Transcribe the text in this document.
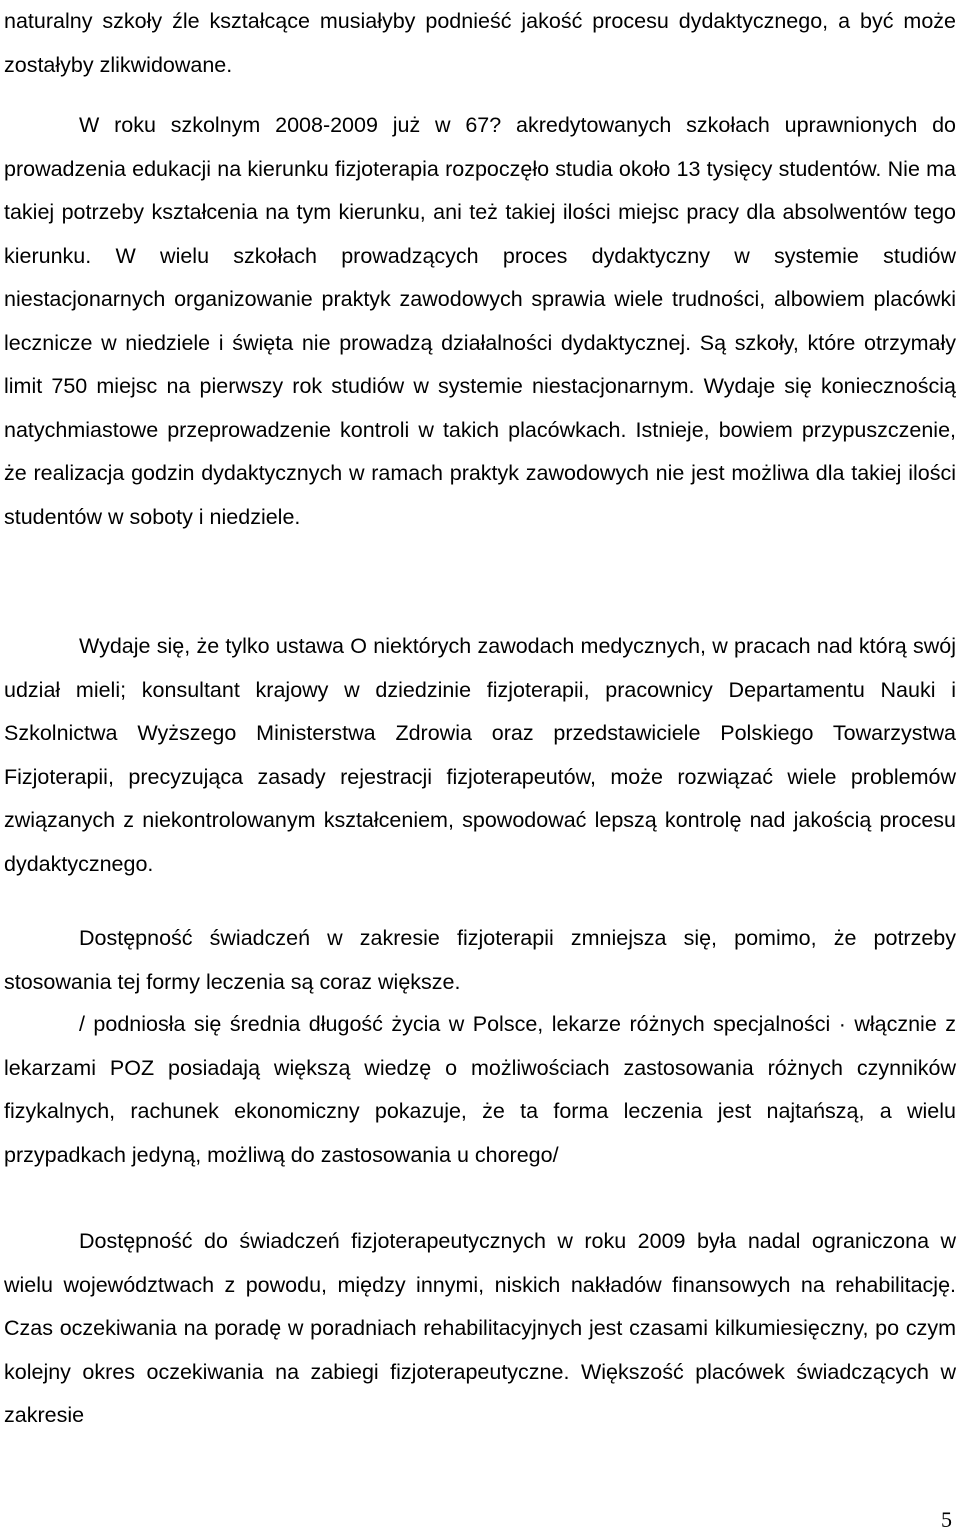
naturalny szkoły źle kształcące musiałyby podnieść jakość procesu dydaktycznego, a być może zostałyby zlikwidowane.

W roku szkolnym 2008-2009 już w 67? akredytowanych szkołach uprawnionych do prowadzenia edukacji na kierunku fizjoterapia rozpoczęło studia około 13 tysięcy studentów. Nie ma takiej potrzeby kształcenia na tym kierunku, ani też takiej ilości miejsc pracy dla absolwentów tego kierunku. W wielu szkołach prowadzących proces dydaktyczny w systemie studiów niestacjonarnych organizowanie praktyk zawodowych sprawia wiele trudności, albowiem placówki lecznicze w niedziele i święta nie prowadzą działalności dydaktycznej. Są szkoły, które otrzymały limit 750 miejsc na pierwszy rok studiów w systemie niestacjonarnym. Wydaje się koniecznością natychmiastowe przeprowadzenie kontroli w takich placówkach. Istnieje, bowiem przypuszczenie, że realizacja godzin dydaktycznych w ramach praktyk zawodowych nie jest możliwa dla takiej ilości studentów w soboty i niedziele.

Wydaje się, że tylko ustawa O niektórych zawodach medycznych, w pracach nad którą swój udział mieli; konsultant krajowy w dziedzinie fizjoterapii, pracownicy Departamentu Nauki i Szkolnictwa Wyższego Ministerstwa Zdrowia oraz przedstawiciele Polskiego Towarzystwa Fizjoterapii, precyzująca zasady rejestracji fizjoterapeutów, może rozwiązać wiele problemów związanych z niekontrolowanym kształceniem, spowodować lepszą kontrolę nad jakością procesu dydaktycznego.

Dostępność świadczeń w zakresie fizjoterapii zmniejsza się, pomimo, że potrzeby stosowania tej formy leczenia są coraz większe.

/ podniosła się średnia długość życia w Polsce, lekarze różnych specjalności · włącznie z lekarzami POZ posiadają większą wiedzę o możliwościach zastosowania różnych czynników fizykalnych, rachunek ekonomiczny pokazuje, że ta forma leczenia jest najtańszą, a wielu przypadkach jedyną, możliwą do zastosowania u chorego/

Dostępność do świadczeń fizjoterapeutycznych w roku 2009 była nadal ograniczona w wielu województwach z powodu, między innymi, niskich nakładów finansowych na rehabilitację. Czas oczekiwania na poradę w poradniach rehabilitacyjnych jest czasami kilkumiesięczny, po czym kolejny okres oczekiwania na zabiegi fizjoterapeutyczne. Większość placówek świadczących w zakresie

5
